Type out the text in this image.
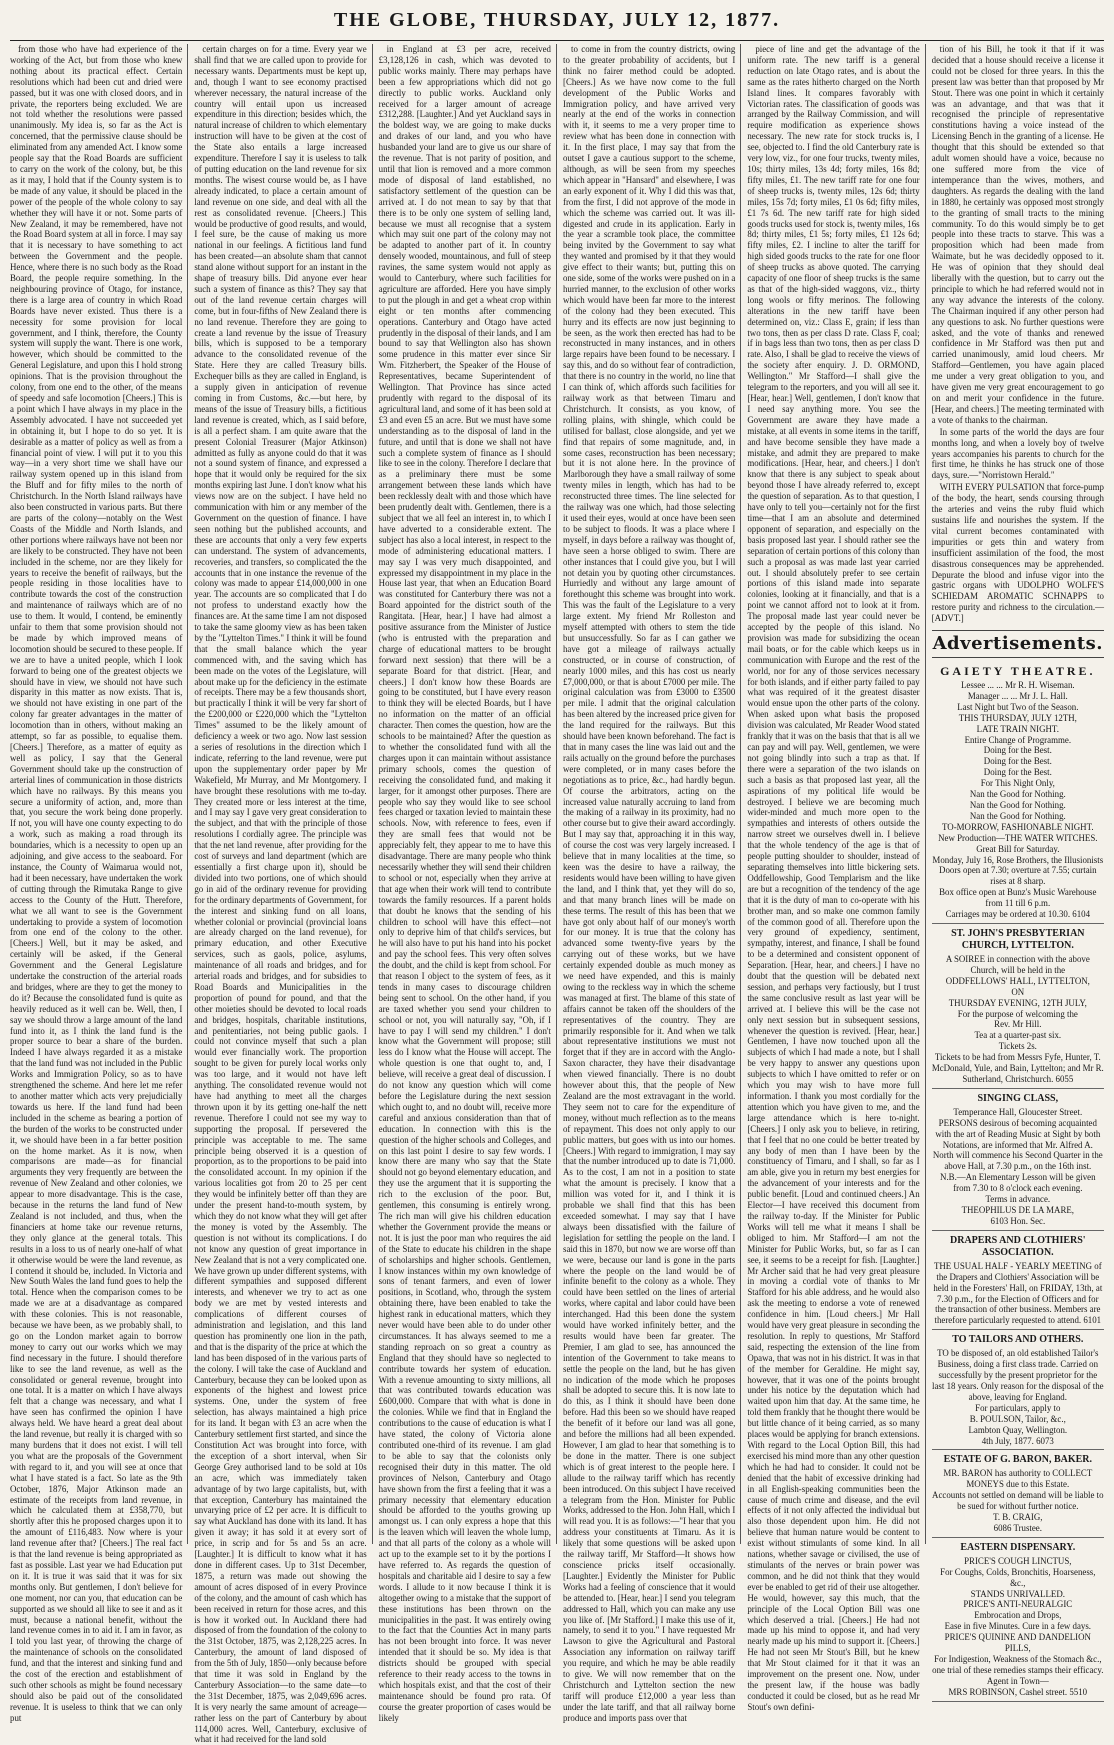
THE GLOBE, THURSDAY, JULY 12, 1877.

from those who have had experience of the working of the Act, but from those who knew nothing about its practical effect. Certain resolutions which had been cut and dried were passed, but it was one with closed doors, and in private, the reporters being excluded. We are not told whether the resolutions were passed unanimously. My idea is, so far as the Act is concerned, that the permissive clause should be eliminated from any amended Act. I know some people say that the Road Boards are sufficient to carry on the work of the colony, but, be this as it may, I hold that if the County system is to be made of any value, it should be placed in the power of the people of the whole colony to say whether they will have it or not. Some parts of New Zealand, it may be remembered, have not the Road Board system at all in force. I may say that it is necessary to have something to act between the Government and the people. Hence, where there is no such body as the Road Board, the people require something. In the neighbouring province of Otago, for instance, there is a large area of country in which Road Boards have never existed. Thus there is a necessity for some provision for local government, and I think, therefore, the County system will supply the want. There is one work, however, which should be committed to the General Legislature, and upon this I hold strong opinions. That is the provision throughout the colony, from one end to the other, of the means of speedy and safe locomotion [Cheers.] This is a point which I have always in my place in the Assembly advocated. I have not succeeded yet in obtaining it, but I hope to do so yet. It is desirable as a matter of policy as well as from a financial point of view. I will put it to you this way—in a very short time we shall have our railway system opened up in this island from the Bluff and for fifty miles to the north of Christchurch. In the North Island railways have also been constructed in various parts. But there are parts of the colony—notably on the West Coasts of the Middle and North Islands, and other portions where railways have not been nor are likely to be constructed. They have not been included in the scheme, nor are they likely for years to receive the benefit of railways, but the people residing in those localities have to contribute towards the cost of the construction and maintenance of railways which are of no use to them. It would, I contend, be eminently unfair to them that some provision should not be made by which improved means of locomotion should be secured to these people. If we are to have a united people, which I look forward to being one of the greatest objects we should have in view, we should not have such disparity in this matter as now exists. That is, we should not have existing in one part of the colony far greater advantages in the matter of locomotion than in others, without making an attempt, so far as possible, to equalise them. [Cheers.] Therefore, as a matter of equity as well as policy, I say that the General Government should take up the construction of arterial lines of communication in those districts which have no railways. By this means you secure a uniformity of action, and, more than that, you secure the work being done properly. If not, you will have one county expecting to do a work, such as making a road through its boundaries, which is a necessity to open up an adjoining, and give access to the seaboard. For instance, the County of Waimarua would not, had it been necessary, have undertaken the work of cutting through the Rimutaka Range to give access to the County of the Hutt. Therefore, what we all want to see is the Government undertaking to provide a system of locomotion from one end of the colony to the other. [Cheers.] Well, but it may be asked, and certainly will be asked, if the General Government and the General Legislature undertake the construction of the arterial roads and bridges, where are they to get the money to do it? Because the consolidated fund is quite as heavily reduced as it well can be. Well, then, I say we should throw a large amount of the land fund into it, as I think the land fund is the proper source to bear a share of the burden. Indeed I have always regarded it as a mistake that the land fund was not included in the Public Works and Immigration Policy, so as to have strengthened the scheme. And here let me refer to another matter which acts very prejudicially towards us here. If the land fund had been included in the scheme as bearing a portion of the burden of the works to be constructed under it, we should have been in a far better position on the home market. As it is now, when comparisons are made—as for financial arguments they very frequently are between the revenue of New Zealand and other colonies, we appear to more disadvantage. This is the case, because in the returns the land fund of New Zealand is not included, and thus, when the financiers at home take our revenue returns, they only glance at the general totals. This results in a loss to us of nearly one-half of what it otherwise would be were the land revenue, as I contend it should be, included. In Victoria and New South Wales the land fund goes to help the total. Hence when the comparison comes to be made we are at a disadvantage as compared with these colonies. This is not reasonable, because we have been, as we probably shall, to go on the London market again to borrow money to carry out our works which we may find necessary in the future. I should therefore like to see the land revenue, as well as the consolidated or general revenue, brought into one total. It is a matter on which I have always felt that a change was necessary, and what I have seen has confirmed the opinion I have always held. We have heard a great deal about the land revenue, but really it is charged with so many burdens that it does not exist. I will tell you what are the proposals of the Government with regard to it, and you will see at once that what I have stated is a fact. So late as the 9th October, 1876, Major Atkinson made an estimate of the receipts from land revenue, in which he calculated them at £358,770, but shortly after this he proposed charges upon it to the amount of £116,483. Now where is your land revenue after that? [Cheers.] The real fact is that the land revenue is being appropriated as fast as possible. Last year we had Education put on it. It is true it was said that it was for six months only. But gentlemen, I don't believe for one moment, nor can you, that education can be supported as we should all like to see it and as it must, because a national benefit, without the land revenue comes in to aid it. I am in favor, as I told you last year, of throwing the charge of the maintenance of schools on the consolidated fund, and that the interest and sinking fund and the cost of the erection and establishment of such other schools as might be found necessary should also be paid out of the consolidated revenue. It is useless to think that we can only put

certain charges on for a time. Every year we shall find that we are called upon to provide for necessary wants. Departments must be kept up, and, though I want to see economy practised wherever necessary, the natural increase of the country will entail upon us increased expenditure in this direction; besides which, the natural increase of children to which elementary instruction will have to be given at the cost of the State also entails a large increased expenditure. Therefore I say it is useless to talk of putting education on the land revenue for six months. The wisest course would be, as I have already indicated, to place a certain amount of land revenue on one side, and deal with all the rest as consolidated revenue. [Cheers.] This would be productive of good results, and would, I feel sure, be the cause of making us more national in our feelings. A fictitious land fund has been created—an absolute sham that cannot stand alone without support for an instant in the shape of treasury bills. Did anyone ever hear such a system of finance as this? They say that out of the land revenue certain charges will come, but in four-fifths of New Zealand there is no land revenue. Therefore they are going to create a land revenue by the issue of Treasury bills, which is supposed to be a temporary advance to the consolidated revenue of the State. Here they are called Treasury bills. Exchequer bills as they are called in England, is a supply given in anticipation of revenue coming in from Customs, &c.—but here, by means of the issue of Treasury bills, a fictitious land revenue is created, which, as I said before, is all a perfect sham. I am quite aware that the present Colonial Treasurer (Major Atkinson) admitted as fully as anyone could do that it was not a sound system of finance, and expressed a hope that it would only be required for the six months expiring last June. I don't know what his views now are on the subject. I have held no communication with him or any member of the Government on the question of finance. I have seen nothing but the published accounts, and these are accounts that only a very few experts can understand. The system of advancements, recoveries, and transfers, so complicated the the accounts that in one instance the revenue of the colony was made to appear £14,000,000 in one year. The accounts are so complicated that I do not profess to understand exactly how the finances are. At the same time I am not disposed to take the same gloomy view as has been taken by the "Lyttelton Times." I think it will be found that the small balance which the year commenced with, and the saving which has been made on the votes of the Legislature, will about make up for the deficiency in the estimate of receipts. There may be a few thousands short, but practically I think it will be very far short of the £200,000 or £220,000 which the "Lyttelton Times" assumed to be the likely amount of deficiency a week or two ago. Now last session a series of resolutions in the direction which I indicate, referring to the land revenue, were put upon the supplementary order paper by Mr Wakefield, Mr Murray, and Mr Montgomery. I have brought these resolutions with me to-day. They created more or less interest at the time, and I may say I gave very great consideration to the subject, and that with the principle of those resolutions I cordially agree. The principle was that the net land revenue, after providing for the cost of surveys and land department (which are essentially a first charge upon it), should be divided into two portions, one of which should go in aid of the ordinary revenue for providing for the ordinary departments of Government, for the interest and sinking fund on all loans, whether colonial or provincial (provincial loans are already charged on the land revenue), for primary education, and other Executive services, such as gaols, police, asylums, maintenance of all roads and bridges, and for arterial roads and bridges, and for subsidies to Road Boards and Municipalities in the proportion of pound for pound, and that the other moieties should be devoted to local roads and bridges, hospitals, charitable institutions, and penitentiaries, not being public gaols. I could not convince myself that such a plan would ever financially work. The proportion sought to be given for purely local works only was too large, and it would not have left anything. The consolidated revenue would not have had anything to meet all the charges thrown upon it by its getting one-half the nett revenue. Therefore I could not see my way to supporting the proposal. If persevered the principle was acceptable to me. The same principle being observed it is a question of proportion, as to the proportions to be paid into the consolidated account. In my opinion if the various localities got from 20 to 25 per cent they would be infinitely better off than they are under the present hand-to-mouth system, by which they do not know what they will get after the money is voted by the Assembly. The question is not without its complications. I do not know any question of great importance in New Zealand that is not a very complicated one. We have grown up under different systems, with different sympathies and supposed different interests, and whenever we try to act as one body we are met by vested interests and complications of different courses of administration and legislation, and this land question has prominently one lion in the path, and that is the disparity of the price at which the land has been disposed of in the various parts of the colony. I will take the case of Auckland and Canterbury, because they can be looked upon as exponents of the highest and lowest price systems. One, under the system of free selection, has always maintained a high price for its land. It began with £3 an acre when the Canterbury settlement first started, and since the Constitution Act was brought into force, with the exception of a short interval, when Sir George Grey authorised land to be sold at 10s an acre, which was immediately taken advantage of by two large capitalists, but, with that exception, Canterbury has maintained the unvarying price of £2 per acre. It is difficult to say what Auckland has done with its land. It has given it away; it has sold it at every sort of price, in scrip and for 5s and 5s an acre. [Laughter.] It is difficult to know what it has done in different cases. Up to 31st December, 1875, a return was made out showing the amount of acres disposed of in every Province of the colony, and the amount of cash which has been received in return for those acres, and this is how it worked out. In Auckland there had disposed of from the foundation of the colony to the 31st October, 1875, was 2,128,225 acres. In Canterbury, the amount of land disposed of from the 5th of July, 1850—only because before that time it was sold in England by the Canterbury Association—to the same date—to the 31st December, 1875, was 2,049,696 acres. It is very nearly the same amount of acreage—rather less on the part of Canterbury by about 114,000 acres. Well, Canterbury, exclusive of what it had received for the land sold

in England at £3 per acre, received £3,128,126 in cash, which was devoted to public works mainly. There may perhaps have been a few appropriations which did not go directly to public works. Auckland only received for a larger amount of acreage £312,288. [Laughter.] And yet Auckland says in the boldest way, we are going to make ducks and drakes of our land, and you who have husbanded your land are to give us our share of the revenue. That is not parity of position, and until that lion is removed and a more common mode of disposal of land established, no satisfactory settlement of the question can be arrived at. I do not mean to say by that that there is to be only one system of selling land, because we must all recognise that a system which may suit one part of the colony may not be adapted to another part of it. In country densely wooded, mountainous, and full of steep ravines, the same system would not apply as would to Canterbury, where such facilities for agriculture are afforded. Here you have simply to put the plough in and get a wheat crop within eight or ten months after commencing operations. Canterbury and Otago have acted prudently in the disposal of their lands, and I am bound to say that Wellington also has shown some prudence in this matter ever since Sir Wm. Fitzherbert, the Speaker of the House of Representatives, became Superintendent of Wellington. That Province has since acted prudently with regard to the disposal of its agricultural land, and some of it has been sold at £3 and even £5 an acre. But we must have some understanding as to the disposal of land in the future, and until that is done we shall not have such a complete system of finance as I should like to see in the colony. Therefore I declare that as a preliminary there must be some arrangement between these lands which have been recklessly dealt with and those which have been prudently dealt with. Gentlemen, there is a subject that we all feel an interest in, to which I have adverted to a considerable extent. The subject has also a local interest, in respect to the mode of administering educational matters. I may say I was very much disappointed, and expressed my disappointment in my place in the House last year, that when an Education Board was constituted for Canterbury there was not a Board appointed for the district south of the Rangitata. [Hear, hear.] I have had almost a positive assurance from the Minister of Justice (who is entrusted with the preparation and charge of educational matters to be brought forward next session) that there will be a separate Board for that district. [Hear, and cheers.] I don't know how these Boards are going to be constituted, but I have every reason to think they will be elected Boards, but I have no information on the matter of an official character. Then comes the question, how are the schools to be maintained? After the question as to whether the consolidated fund with all the charges upon it can maintain without assistance primary schools, comes the question of receiving the consolidated fund, and making it larger, for it amongst other purposes. There are people who say they would like to see school fees charged or taxation levied to maintain these schools. Now, with reference to fees, even if they are small fees that would not be appreciably felt, they appear to me to have this disadvantage. There are many people who think necessarily whether they will send their children to school or not, especially when they arrive at that age when their work will tend to contribute towards the family resources. If a parent holds that doubt he knows that the sending of his children to school will have this effect—not only to deprive him of that child's services, but he will also have to put his hand into his pocket and pay the school fees. This very often solves the doubt, and the child is kept from school. For that reason I object to the system of fees, as it tends in many cases to discourage children being sent to school. On the other hand, if you are taxed whether you send your children to school or not, you will naturally say, "Oh, if I have to pay I will send my children." I don't know what the Government will propose; still less do I know what the House will accept. The whole question is one that ought to, and, I believe, will receive a great deal of discussion. I do not know any question which will come before the Legislature during the next session which ought to, and no doubt will, receive more careful and anxious consideration than that of education. In connection with this is the question of the higher schools and Colleges, and on this last point I desire to say few words. I know there are many who say that the State should not go beyond elementary education, and they use the argument that it is supporting the rich to the exclusion of the poor. But, gentlemen, this consuming is entirely wrong. The rich man will give his children education whether the Government provide the means or not. It is just the poor man who requires the aid of the State to educate his children in the shape of scholarships and higher schools. Gentlemen, I know instances within my own knowledge of sons of tenant farmers, and even of lower positions, in Scotland, who, through the system obtaining there, have been enabled to take the highest rank in educational matters, which they never would have been able to do under other circumstances. It has always seemed to me a standing reproach on so great a country as England that they should have so neglected to contribute towards her system of education. With a revenue amounting to sixty millions, all that was contributed towards education was £600,000. Compare that with what is done in the colonies. While we find that in England the contributions to the cause of education is what I have stated, the colony of Victoria alone contributed one-third of its revenue. I am glad to be able to say that the colonists only recognised their duty in this matter. The old provinces of Nelson, Canterbury and Otago have shown from the first a feeling that it was a primary necessity that elementary education should be afforded to the youths growing up amongst us. I can only express a hope that this is the leaven which will leaven the whole lump, and that all parts of the colony as a whole will act up to the example set to it by the portions I have referred to. As regards the question of hospitals and charitable aid I desire to say a few words. I allude to it now because I think it is altogether owing to a mistake that the support of these institutions has been thrown on the municipalities in the past. It was entirely owing to the fact that the Counties Act in many parts has not been brought into force. It was never intended that it should be so. My idea is that districts should be grouped with special reference to their ready access to the towns in which hospitals exist, and that the cost of their maintenance should be found pro rata. Of course the greater proportion of cases would be likely

to come in from the country districts, owing to the greater probability of accidents, but I think no fairer method could be adopted. [Cheers.] As we have now come to the full development of the Public Works and Immigration policy, and have arrived very nearly at the end of the works in connection with it, it seems to me a very proper time to review what has been done in connection with it. In the first place, I may say that from the outset I gave a cautious support to the scheme, although, as will be seen from my speeches which appear in "Hansard" and elsewhere, I was an early exponent of it. Why I did this was that, from the first, I did not approve of the mode in which the scheme was carried out. It was ill-digested and crude in its application. Early in the year a scramble took place, the committee being invited by the Government to say what they wanted and promised by it that they would give effect to their wants; but, putting this on one side, some of the works were pushed on in a hurried manner, to the exclusion of other works which would have been far more to the interest of the colony had they been executed. This hurry and its effects are now just beginning to be seen, as the work then erected has had to be reconstructed in many instances, and in others large repairs have been found to be necessary. I say this, and do so without fear of contradiction, that there is no country in the world, no line that I can think of, which affords such facilities for railway work as that between Timaru and Christchurch. It consists, as you know, of rolling plains, with shingle, which could be utilised for ballast, close alongside, and yet we find that repairs of some magnitude, and, in some cases, reconstruction has been necessary; but it is not alone here. In the province of Marlborough they have a small railway of some twenty miles in length, which has had to be reconstructed three times. The line selected for the railway was one which, had those selecting it used their eyes, would at once have been seen to be subject to floods. It was a place where I myself, in days before a railway was thought of, have seen a horse obliged to swim. There are other instances that I could give you, but I will not detain you by quoting other circumstances. Hurriedly and without any large amount of forethought this scheme was brought into work. This was the fault of the Legislature to a very large extent. My friend Mr Rolleston and myself attempted with others to stem the tide but unsuccessfully. So far as I can gather we have got a mileage of railways actually constructed, or in course of construction, of nearly 1000 miles, and this has cost us nearly £7,000,000, or that is about £7000 per mile. The original calculation was from £3000 to £3500 per mile. I admit that the original calculation has been altered by the increased price given for the land required for the railways. But this should have been known beforehand. The fact is that in many cases the line was laid out and the rails actually on the ground before the purchases were completed, or in many cases before the negotiations as to price, &c., had hardly begun. Of course the arbitrators, acting on the increased value naturally accruing to land from the making of a railway in its proximity, had no other course but to give their award accordingly. But I may say that, approaching it in this way, of course the cost was very largely increased. I believe that in many localities at the time, so keen was the desire to have a railway, the residents would have been willing to have given the land, and I think that, yet they will do so, and that many branch lines will be made on these terms. The result of this has been that we have got only about half of our money's worth for our money. It is true that the colony has advanced some twenty-five years by the carrying out of these works, but we have certainly expended double as much money as we need have expended, and this is mainly owing to the reckless way in which the scheme was managed at first. The blame of this state of affairs cannot be taken off the shoulders of the representatives of the country. They are primarily responsible for it. And when we talk about representative institutions we must not forget that if they are in accord with the Anglo-Saxon character, they have their disadvantage when viewed financially. There is no doubt however about this, that the people of New Zealand are the most extravagant in the world. They seem not to care for the expenditure of money, without much reflection as to the means of repayment. This does not only apply to our public matters, but goes with us into our homes. [Cheers.] With regard to immigration, I may say that the number introduced up to date is 71,000. As to the cost, I am not in a position to state what the amount is precisely. I know that a million was voted for it, and I think it is probable we shall find that this has been exceeded somewhat. I may say that I have always been dissatisfied with the failure of legislation for settling the people on the land. I said this in 1870, but now we are worse off than we were, because our land is gone in the parts where the people on the land would be of infinite benefit to the colony as a whole. They could have been settled on the lines of arterial works, where capital and labor could have been interchanged. Had this been done the system would have worked infinitely better, and the results would have been far greater. The Premier, I am glad to see, has announced the intention of the Government to take means to settle the people on the land, but he has given no indication of the mode which he proposes shall be adopted to secure this. It is now late to do this, as I think it should have been done before. Had this been so we should have reaped the benefit of it before our land was all gone, and before the millions had all been expended. However, I am glad to hear that something is to be done in the matter. There is one subject which is of great interest to the people here. I allude to the railway tariff which has recently been introduced. On this subject I have received a telegram from the Hon. Minister for Public Works, addressed to the Hon. John Hall, which I will read you. It is as follows:—"I hear that you address your constituents at Timaru. As it is likely that some questions will be asked upon the railway tariff, Mr Stafford—It shows how conscience pricks itself occasionally. [Laughter.] Evidently the Minister for Public Works had a feeling of conscience that it would be attended to. [Hear, hear.] I send you telegram addressed to Hall, which you can make any use you like of. [Mr Stafford.] I make this use of it, namely, to send it to you." I have requested Mr Lawson to give the Agricultural and Pastoral Association any information on railway tariff you require, and which he may be able readily to give. We will now remember that on the Christchurch and Lyttelton section the new tariff will produce £12,000 a year less than under the late tariff, and that all railway borne produce and imports pass over that

piece of line and get the advantage of the uniform rate. The new tariff is a general reduction on late Otago rates, and is about the same as the rates hitherto charged on the North Island lines. It compares favorably with Victorian rates. The classification of goods was arranged by the Railway Commission, and will require modification as experience shows necessary. The new rate for stock trucks is, I see, objected to. I find the old Canterbury rate is very low, viz., for one four trucks, twenty miles, 10s; thirty miles, 13s 4d; forty miles, 16s 8d; fifty miles, £1. The new tariff rate for one four of sheep trucks is, twenty miles, 12s 6d; thirty miles, 15s 7d; forty miles, £1 0s 6d; fifty miles, £1 7s 6d. The new tariff rate for high sided goods trucks used for stock is, twenty miles, 16s 8d; thirty miles, £1 5s; forty miles, £1 12s 6d; fifty miles, £2. I incline to alter the tariff for high sided goods trucks to the rate for one floor of sheep trucks as above quoted. The carrying capacity of one floor of sheep trucks is the same as that of the high-sided waggons, viz., thirty long wools or fifty merinos. The following alterations in the new tariff have been determined on, viz.: Class E, grain; if less than two tons, then as per class D rate. Class F, coal; if in bags less than two tons, then as per class D rate. Also, I shall be glad to receive the views of the society after enquiry. J. D. ORMOND, Wellington." Mr Stafford—I shall give the telegram to the reporters, and you will all see it. [Hear, hear.] Well, gentlemen, I don't know that I need say anything more. You see the Government are aware they have made a mistake, at all events in some items in the tariff, and have become sensible they have made a mistake, and admit they are prepared to make modifications. [Hear, hear, and cheers.] I don't know that there is any subject to speak about beyond those I have already referred to, except the question of separation. As to that question, I have only to tell you—certainly not for the first time—that I am an absolute and determined opponent of separation, and especially on the basis proposed last year. I should rather see the separation of certain portions of this colony than such a proposal as was made last year carried out. I should absolutely prefer to see certain portions of this island made into separate colonies, looking at it financially, and that is a point we cannot afford not to look at it from. The proposal made last year could never be accepted by the people of this island. No provision was made for subsidizing the ocean mail boats, or for the cable which keeps us in communication with Europe and the rest of the world, nor for any of those services necessary for both islands, and if either party failed to pay what was required of it the greatest disaster would ensue upon the other parts of the colony. When asked upon what basis the proposed division was calculated, Mr Reader Wood stated frankly that it was on the basis that that is all we can pay and will pay. Well, gentlemen, we were not going blindly into such a trap as that. If there were a separation of the two islands on such a basis as that proposed last year, all the aspirations of my political life would be destroyed. I believe we are becoming much wider-minded and much more open to the sympathies and interests of others outside the narrow street we ourselves dwell in. I believe that the whole tendency of the age is that of people putting shoulder to shoulder, instead of separating themselves into little bickering sets. Oddfellowship, Good Templarism and the like are but a recognition of the tendency of the age that it is the duty of man to co-operate with his brother man, and so make one common family of the common good of all. Therefore upon the very ground of expediency, sentiment, sympathy, interest, and finance, I shall be found to be a determined and consistent opponent of Separation. [Hear, hear, and cheers.] I have no doubt that the question will be debated next session, and perhaps very factiously, but I trust the same conclusive result as last year will be arrived at. I believe this will be the case not only next session but in subsequent sessions, whenever the question is revived. [Hear, hear.] Gentlemen, I have now touched upon all the subjects of which I had made a note, but I shall be very happy to answer any questions upon subjects to which I have omitted to refer or on which you may wish to have more full information. I thank you most cordially for the attention which you have given to me, and the large attendance which is here to-night. [Cheers.] I only ask you to believe, in retiring, that I feel that no one could be better treated by any body of men than I have been by the constituency of Timaru, and I shall, so far as I am able, give you in return my best energies for the advancement of your interests and for the public benefit. [Loud and continued cheers.] An Elector—I have received this document from the railway to-day. If the Minister for Public Works will tell me what it means I shall be obliged to him. Mr Stafford—I am not the Minister for Public Works, but, so far as I can see, it seems to be a receipt for fish. [Laughter.] Mr Archer said that he had very great pleasure in moving a cordial vote of thanks to Mr Stafford for his able address, and he would also ask the meeting to endorse a vote of renewed confidence in him. [Loud cheers.] Mr Hall would have very great pleasure in seconding the resolution. In reply to questions, Mr Stafford said, respecting the extension of the line from Opawa, that was not in his district. It was in that of the member for Geraldine. He might say, however, that it was one of the points brought under his notice by the deputation which had waited upon him that day. At the same time, he told them frankly that he thought there would be but little chance of it being carried, as so many places would be applying for branch extensions. With regard to the Local Option Bill, this had exercised his mind more than any other question which he had had to consider. It could not be denied that the habit of excessive drinking had in all English-speaking communities been the cause of much crime and disease, and the evil effects of it not only affected the individual but also those dependent upon him. He did not believe that human nature would be content to exist without stimulants of some kind. In all nations, whether savage or civilised, the use of stimulants of the nerves or brain power was common, and he did not think that they would ever be enabled to get rid of their use altogether. He would, however, say this much, that the principle of the Local Option Bill was one which deserved a trial. [Cheers.] He had not made up his mind to oppose it, and had very nearly made up his mind to support it. [Cheers.] He had not seen Mr Stout's Bill, but he knew that Mr Stout claimed for it that it was an improvement on the present one. Now, under the present law, if the house was badly conducted it could be closed, but as he read Mr Stout's own defini-

tion of his Bill, he took it that if it was decided that a house should receive a license it could not be closed for three years. In this the present law was better than that proposed by Mr Stout. There was one point in which it certainly was an advantage, and that was that it recognised the principle of representative constitutions having a voice instead of the Licensing Bench in the granting of a license. He thought that this should be extended so that adult women should have a voice, because no one suffered more from the vice of intemperance than the wives, mothers, and daughters. As regards the dealing with the land in 1880, he certainly was opposed most strongly to the granting of small tracts to the mining community. To do this would simply be to get people into these tracts to starve. This was a proposition which had been made from Waimate, but he was decidedly opposed to it. He was of opinion that they should deal liberally with the question, but to carry out the principle to which he had referred would not in any way advance the interests of the colony. The Chairman inquired if any other person had any questions to ask. No further questions were asked, and the vote of thanks and renewed confidence in Mr Stafford was then put and carried unanimously, amid loud cheers. Mr Stafford—Gentlemen, you have again placed me under a very great obligation to you, and have given me very great encouragement to go on and merit your confidence in the future. [Hear, and cheers.] The meeting terminated with a vote of thanks to the chairman.

In some parts of the world the days are four months long, and when a lovely boy of twelve years accompanies his parents to church for the first time, he thinks he has struck one of those days, sure.—"Norristown Herald."

WITH EVERY PULSATION that force-pump of the body, the heart, sends coursing through the arteries and veins the ruby fluid which sustains life and nourishes the system. If the vital current becomes contaminated with impurities or gets thin and watery from insufficient assimilation of the food, the most disastrous consequences may be apprehended. Depurate the blood and infuse vigor into the gastric organs with UDOLPHO WOLFE'S SCHIEDAM AROMATIC SCHNAPPS to restore purity and richness to the circulation.—[ADVT.]

Advertisements.
GAIETY THEATRE.

Lessee ... ... Mr R. H. Wiseman.

Manager ... ... Mr J. L. Hall.

Last Night but Two of the Season.

THIS THURSDAY, JULY 12TH,

LATE TRAIN NIGHT.

Entire Change of Programme.

Doing for the Best.

Doing for the Best.

Doing for the Best.

For This Night Only,

Nan the Good for Nothing.

Nan the Good for Nothing.

Nan the Good for Nothing.

TO-MORROW, FASHIONABLE NIGHT.

New Production—THE WATER WITCHES.

Great Bill for Saturday.

Monday, July 16, Rose Brothers, the Illusionists

Doors open at 7.30; overture at 7.55; curtain rises at 8 sharp.

Box office open at Bunz's Music Warehouse from 11 till 6 p.m.

Carriages may be ordered at 10.30. 6104

ST. JOHN'S PRESBYTERIAN CHURCH, LYTTELTON.

A SOIREE in connection with the above Church, will be held in the

ODDFELLOWS' HALL, LYTTELTON,

ON

THURSDAY EVENING, 12TH JULY,

For the purpose of welcoming the

Rev. Mr Hill.

Tea at a quarter-past six.

Tickets 2s.

Tickets to be had from Messrs Fyfe, Hunter, T. McDonald, Yule, and Bain, Lyttelton; and Mr R. Sutherland, Christchurch. 6055

SINGING CLASS,

Temperance Hall, Gloucester Street.

PERSONS desirous of becoming acquainted with the art of Reading Music at Sight by both Notations, are informed that Mr. Alfred A. North will commence his Second Quarter in the above Hall, at 7.30 p.m., on the 16th inst.

N.B.—An Elementary Lesson will be given from 7.30 to 8 o'clock each evening.

Terms in advance.

THEOPHILUS DE LA MARE,

6103 Hon. Sec.

DRAPERS AND CLOTHIERS' ASSOCIATION.

THE USUAL HALF - YEARLY MEETING of the Drapers and Clothiers' Association will be held in the Foresters' Hall, on FRIDAY, 13th, at 7.30 p.m., for the Election of Officers and for the transaction of other business. Members are therefore particularly requested to attend. 6101

TO TAILORS AND OTHERS.

TO be disposed of, an old established Tailor's Business, doing a first class trade. Carried on successfully by the present proprietor for the last 18 years. Only reason for the disposal of the above, leaving for England.

For particulars, apply to

B. POULSON, Tailor, &c.,

Lambton Quay, Wellington.

4th July, 1877. 6073

ESTATE OF G. BARON, BAKER.

MR. BARON has authority to COLLECT MONEYS due to this Estate.

Accounts not settled on demand will be liable to be sued for without further notice.

T. B. CRAIG,

6086 Trustee.

EASTERN DISPENSARY.

PRICE'S COUGH LINCTUS,

For Coughs, Colds, Bronchitis, Hoarseness, &c.,

STANDS UNRIVALLED.

PRICE'S ANTI-NEURALGIC

Embrocation and Drops,

Ease in five Minutes. Cure in a few days.

PRICE'S QUININE AND DANDELION PILLS,

For Indigestion, Weakness of the Stomach &c., one trial of these remedies stamps their efficacy.

Agent in Town—

MRS ROBINSON, Cashel street. 5510
